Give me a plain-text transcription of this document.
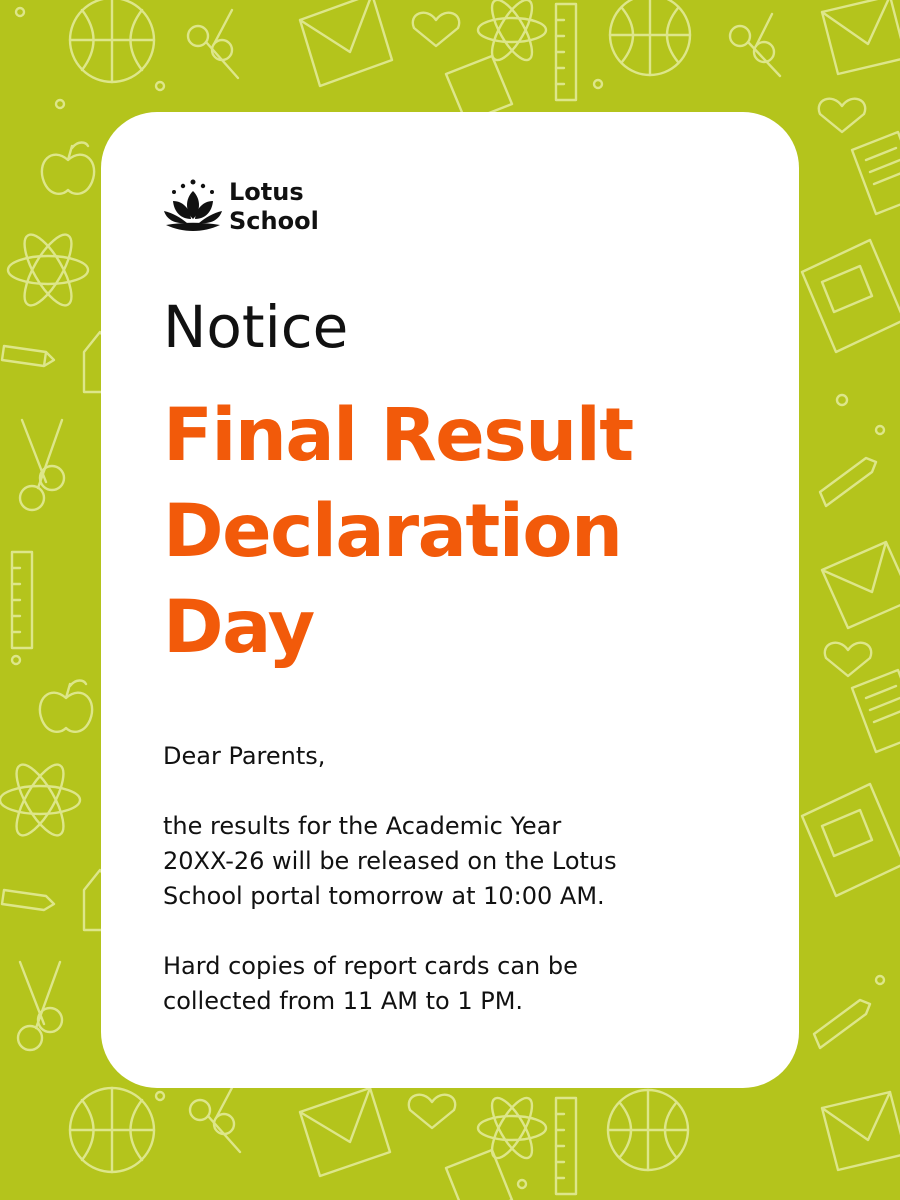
Lotus
School
Notice
Final Result
Declaration
Day

Dear Parents,

the results for the Academic Year
20XX-26 will be released on the Lotus
School portal tomorrow at 10:00 AM.

Hard copies of report cards can be
collected from 11 AM to 1 PM.
